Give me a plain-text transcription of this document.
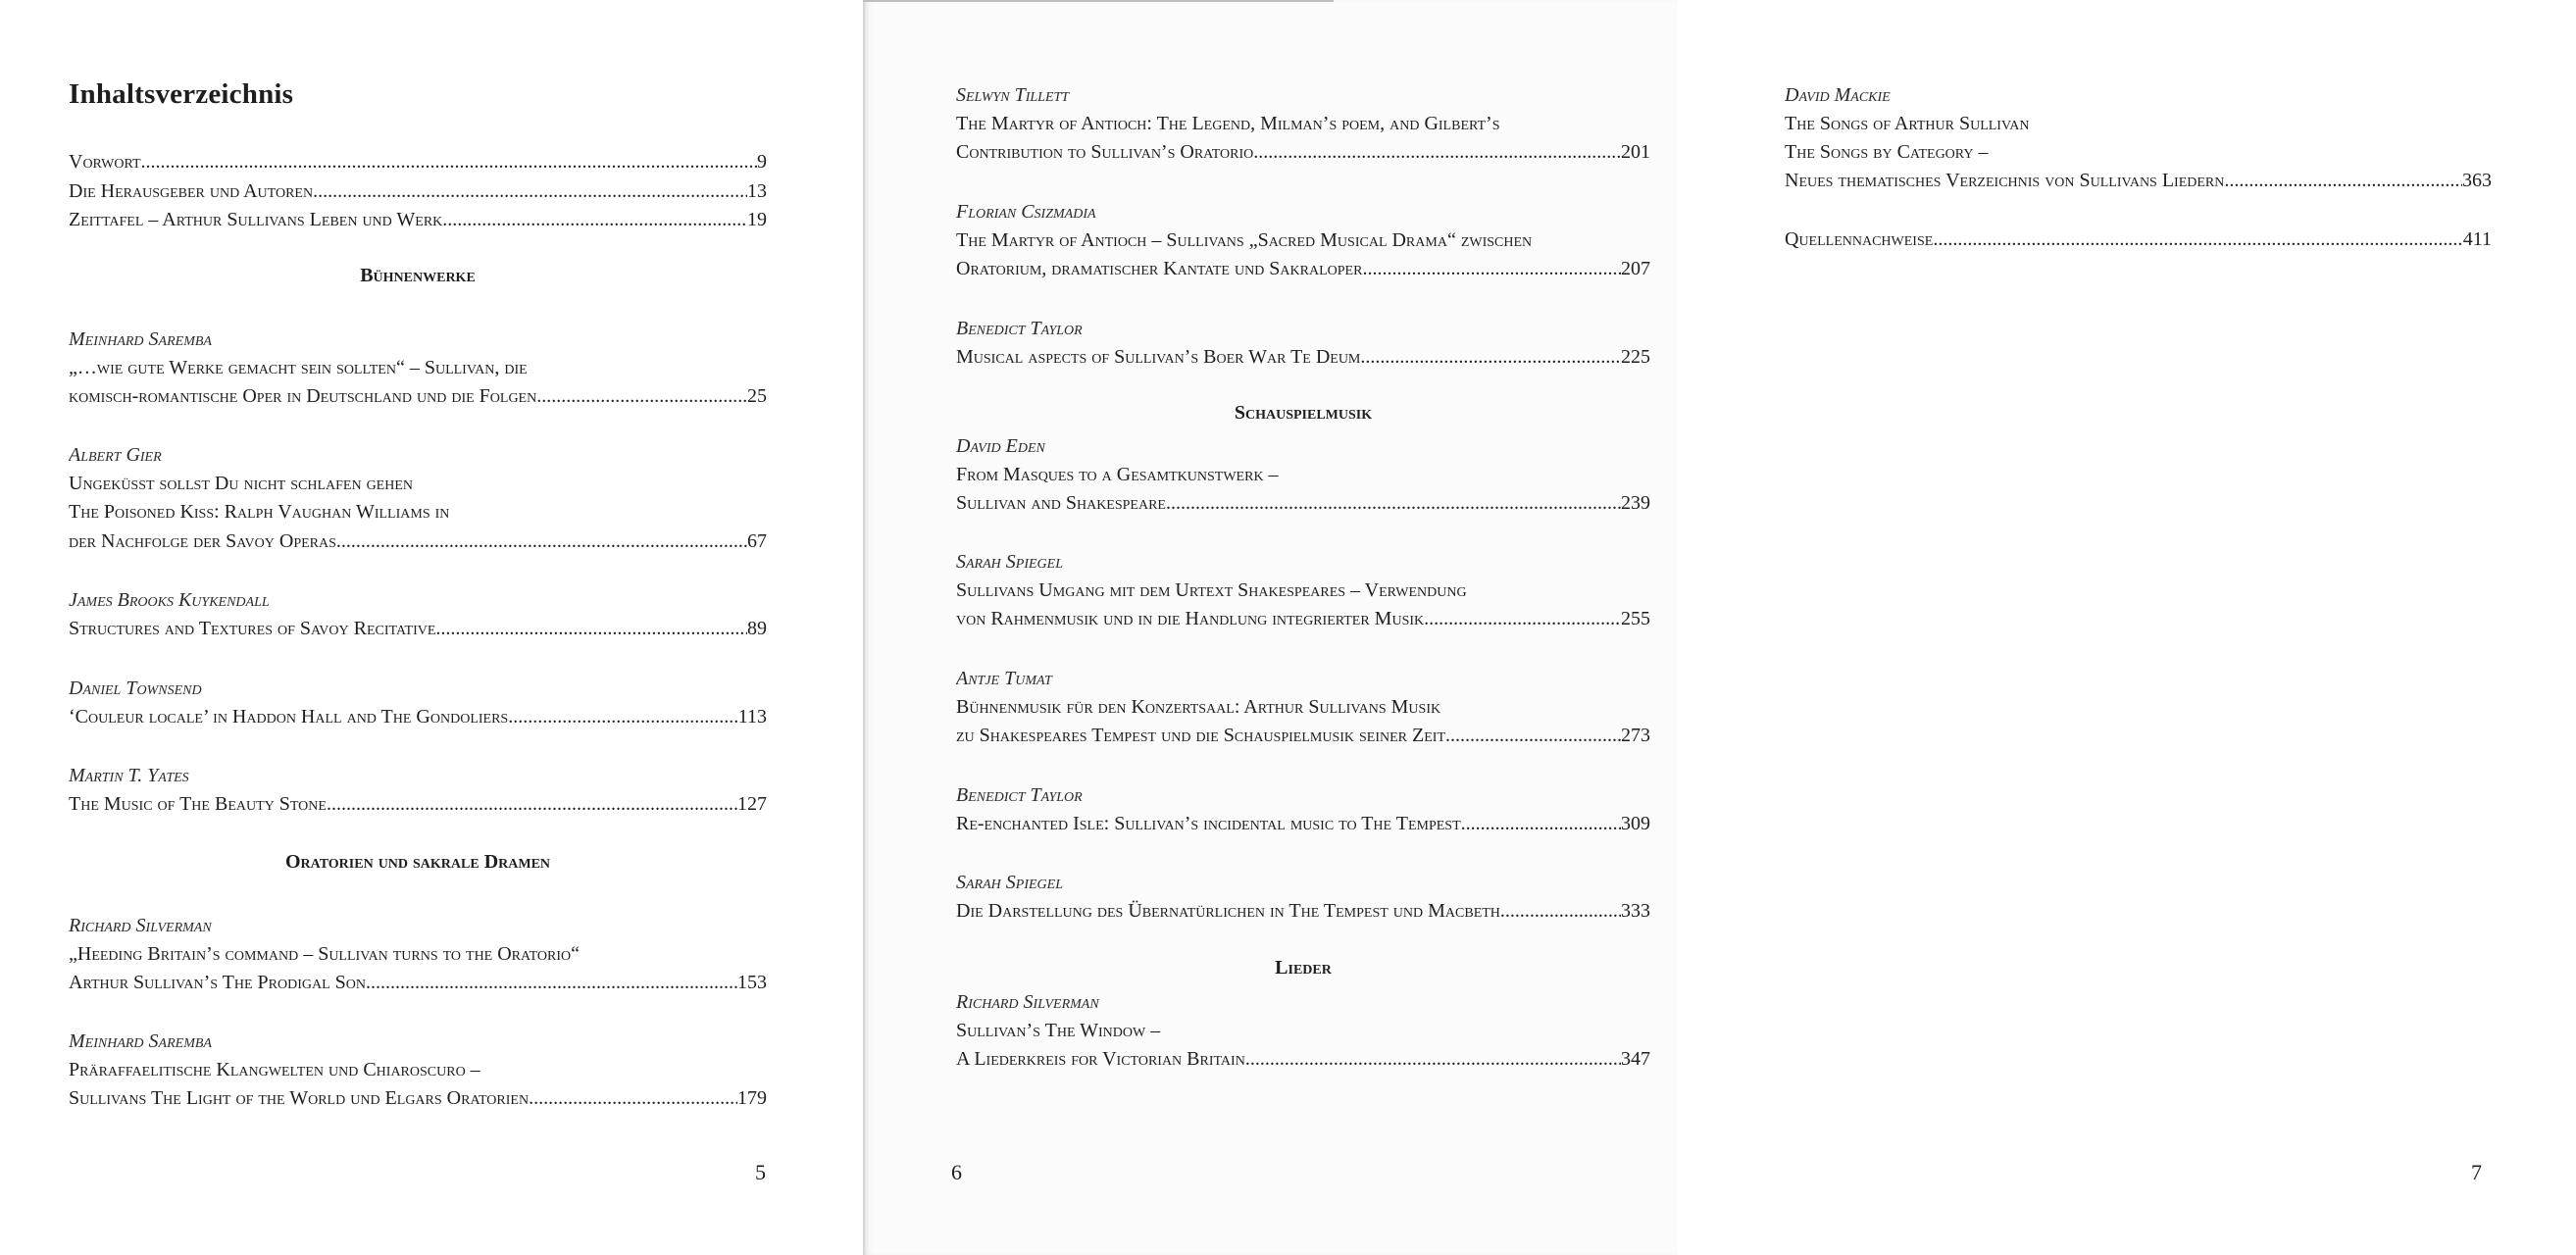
Inhaltsverzeichnis
Vorwort .....	9
Die Herausgeber und Autoren .....	13
Zeittafel – Arthur Sullivans Leben und Werk .....	19
Bühnenwerke
Meinhard Saremba
„…wie gute Werke gemacht sein sollten“ – Sullivan, die
komisch-romantische Oper in Deutschland und die Folgen .....	25
Albert Gier
Ungeküsst sollst Du nicht schlafen gehen
The Poisoned Kiss: Ralph Vaughan Williams in
der Nachfolge der Savoy Operas .....	67
James Brooks Kuykendall
Structures and Textures of Savoy Recitative .....	89
Daniel Townsend
‘Couleur locale’ in Haddon Hall and The Gondoliers .....	113
Martin T. Yates
The Music of The Beauty Stone .....	127
Oratorien und sakrale Dramen
Richard Silverman
„Heeding Britain’s command – Sullivan turns to the Oratorio“
Arthur Sullivan’s The Prodigal Son .....	153
Meinhard Saremba
Präraffaelitische Klangwelten und Chiaroscuro –
Sullivans The Light of the World und Elgars Oratorien .....	179
5
Selwyn Tillett
The Martyr of Antioch: The Legend, Milman’s poem, and Gilbert’s
Contribution to Sullivan’s Oratorio .....	201
Florian Csizmadia
The Martyr of Antioch – Sullivans „Sacred Musical Drama“ zwischen
Oratorium, dramatischer Kantate und Sakraloper .....	207
Benedict Taylor
Musical aspects of Sullivan’s Boer War Te Deum .....	225
Schauspielmusik
David Eden
From Masques to a Gesamtkunstwerk –
Sullivan and Shakespeare .....	239
Sarah Spiegel
Sullivans Umgang mit dem Urtext Shakespeares – Verwendung
von Rahmenmusik und in die Handlung integrierter Musik .....	255
Antje Tumat
Bühnenmusik für den Konzertsaal: Arthur Sullivans Musik
zu Shakespeares Tempest und die Schauspielmusik seiner Zeit .....	273
Benedict Taylor
Re-enchanted Isle: Sullivan’s incidental music to The Tempest .....	309
Sarah Spiegel
Die Darstellung des Übernatürlichen in The Tempest und Macbeth .....	333
Lieder
Richard Silverman
Sullivan’s The Window –
A Liederkreis for Victorian Britain .....	347
6
David Mackie
The Songs of Arthur Sullivan
The Songs by Category –
Neues thematisches Verzeichnis von Sullivans Liedern .....	363
Quellennachweise .....	411
7
